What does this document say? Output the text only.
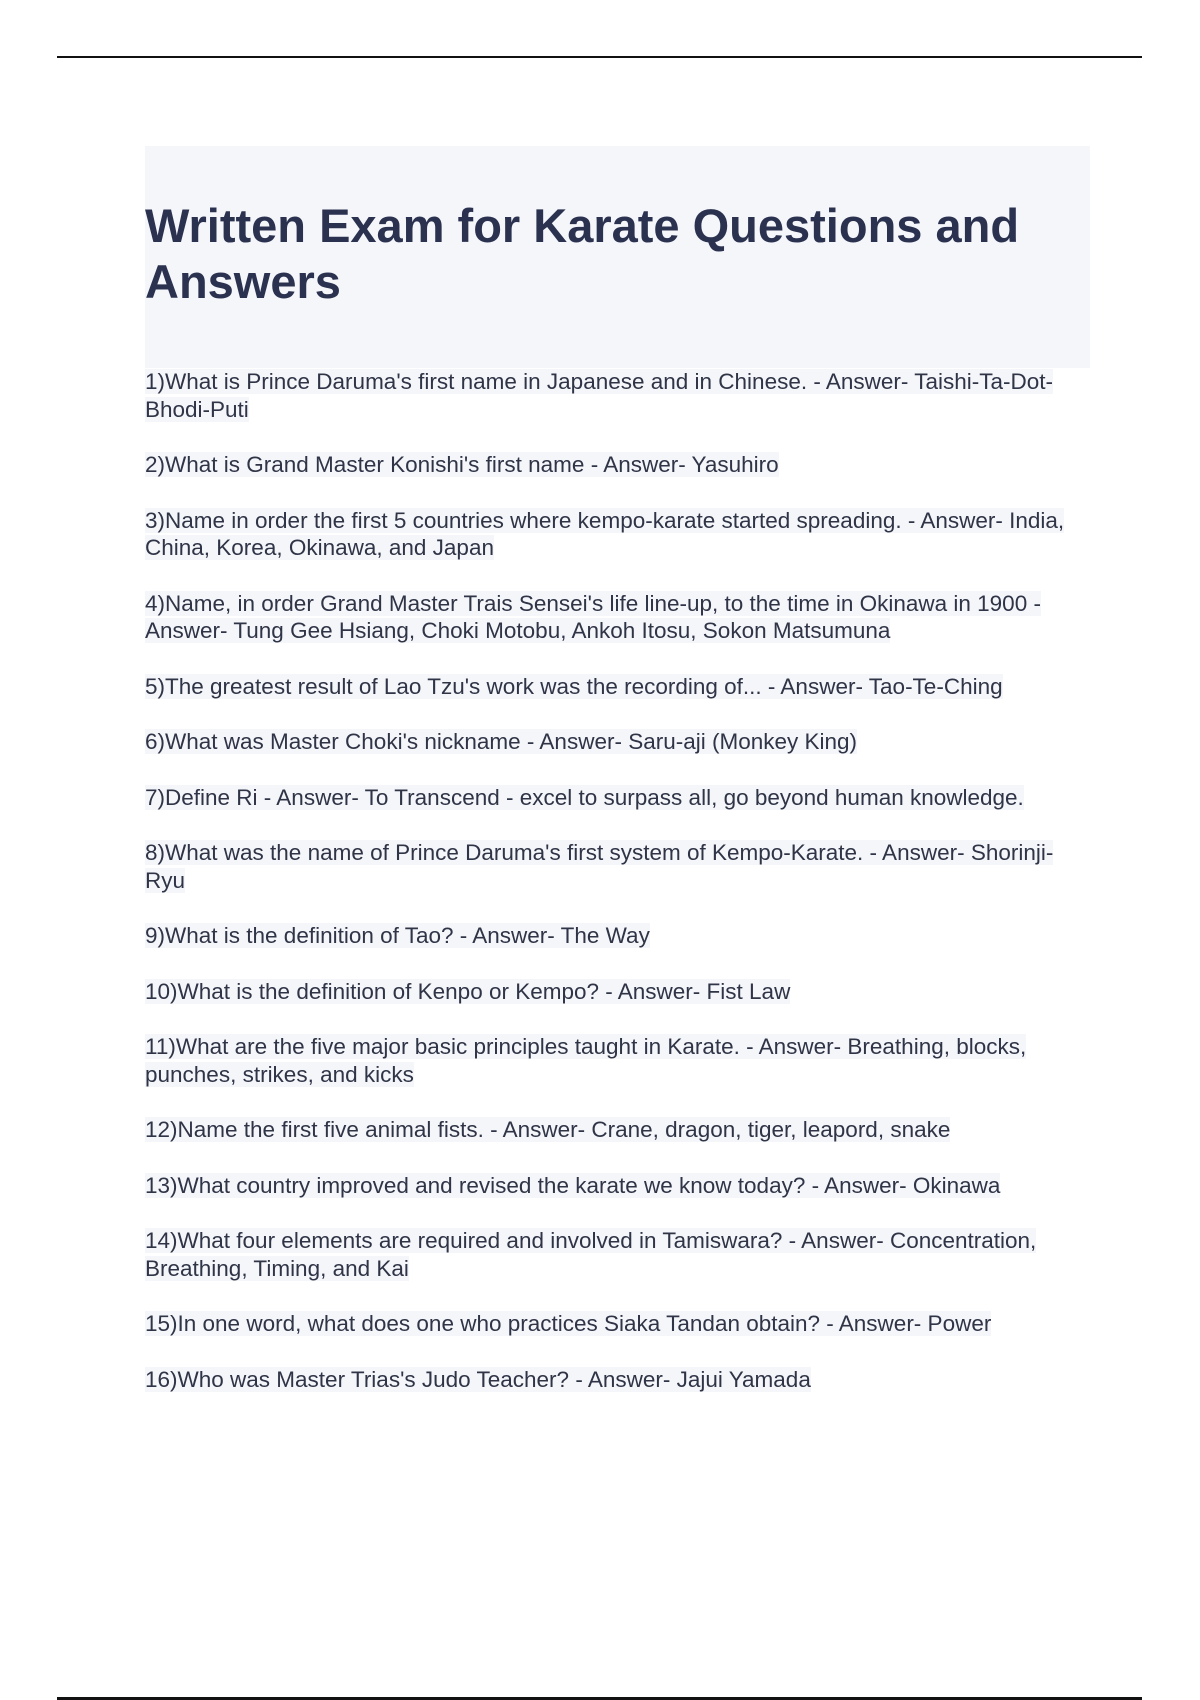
Written Exam for Karate Questions and Answers
1)What is Prince Daruma's first name in Japanese and in Chinese. - Answer- Taishi-Ta-Dot-Bhodi-Puti
2)What is Grand Master Konishi's first name - Answer- Yasuhiro
3)Name in order the first 5 countries where kempo-karate started spreading. - Answer- India, China, Korea, Okinawa, and Japan
4)Name, in order Grand Master Trais Sensei's life line-up, to the time in Okinawa in 1900 - Answer- Tung Gee Hsiang, Choki Motobu, Ankoh Itosu, Sokon Matsumuna
5)The greatest result of Lao Tzu's work was the recording of... - Answer- Tao-Te-Ching
6)What was Master Choki's nickname - Answer- Saru-aji (Monkey King)
7)Define Ri - Answer- To Transcend - excel to surpass all, go beyond human knowledge.
8)What was the name of Prince Daruma's first system of Kempo-Karate. - Answer- Shorinji-Ryu
9)What is the definition of Tao? - Answer- The Way
10)What is the definition of Kenpo or Kempo? - Answer- Fist Law
11)What are the five major basic principles taught in Karate. - Answer- Breathing, blocks, punches, strikes, and kicks
12)Name the first five animal fists. - Answer- Crane, dragon, tiger, leapord, snake
13)What country improved and revised the karate we know today? - Answer- Okinawa
14)What four elements are required and involved in Tamiswara? - Answer- Concentration, Breathing, Timing, and Kai
15)In one word, what does one who practices Siaka Tandan obtain? - Answer- Power
16)Who was Master Trias's Judo Teacher? - Answer- Jajui Yamada
